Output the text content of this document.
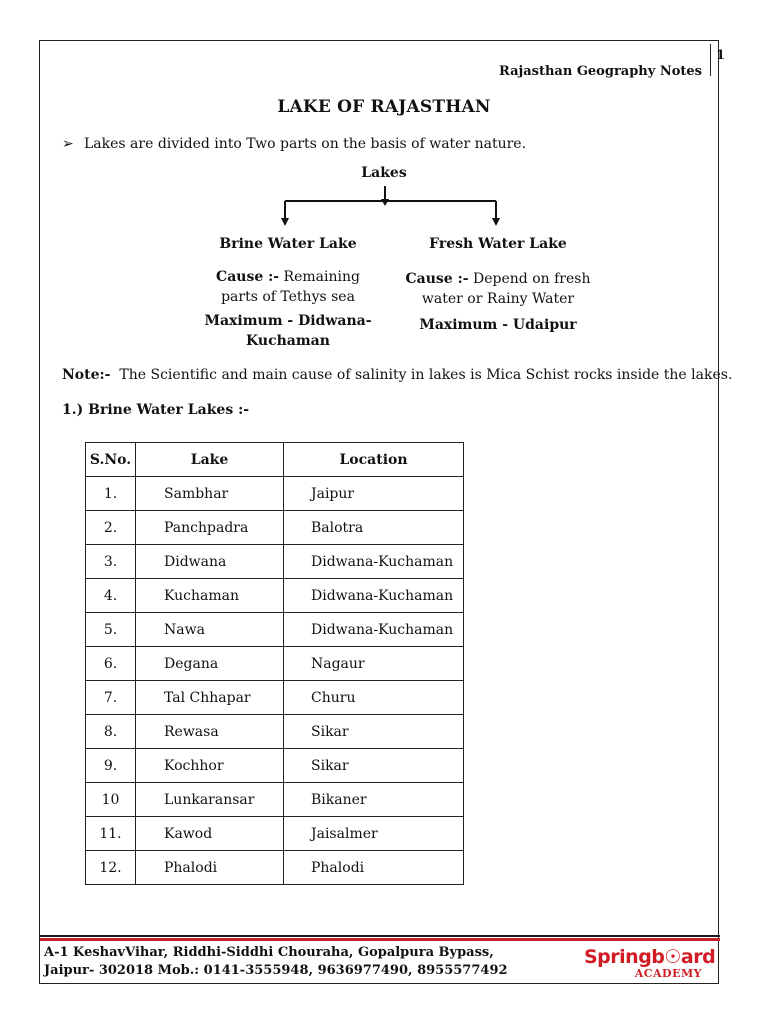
1
Rajasthan Geography Notes
LAKE OF RAJASTHAN
➢ Lakes are divided into Two parts on the basis of water nature.
Lakes
Brine Water Lake
Cause :- Remaining
parts of Tethys sea
Maximum - Didwana-
Kuchaman
Fresh Water Lake
Cause :- Depend on fresh
water or Rainy Water
Maximum - Udaipur
Note:- The Scientific and main cause of salinity in lakes is Mica Schist rocks inside the lakes.
1.) Brine Water Lakes :-
S.No.	Lake	Location
1.	Sambhar	Jaipur
2.	Panchpadra	Balotra
3.	Didwana	Didwana-Kuchaman
4.	Kuchaman	Didwana-Kuchaman
5.	Nawa	Didwana-Kuchaman
6.	Degana	Nagaur
7.	Tal Chhapar	Churu
8.	Rewasa	Sikar
9.	Kochhor	Sikar
10	Lunkaransar	Bikaner
11.	Kawod	Jaisalmer
12.	Phalodi	Phalodi
A-1 KeshavVihar, Riddhi-Siddhi Chouraha, Gopalpura Bypass,
Jaipur- 302018 Mob.: 0141-3555948, 9636977490, 8955577492
Springb☉ard
ACADEMY
